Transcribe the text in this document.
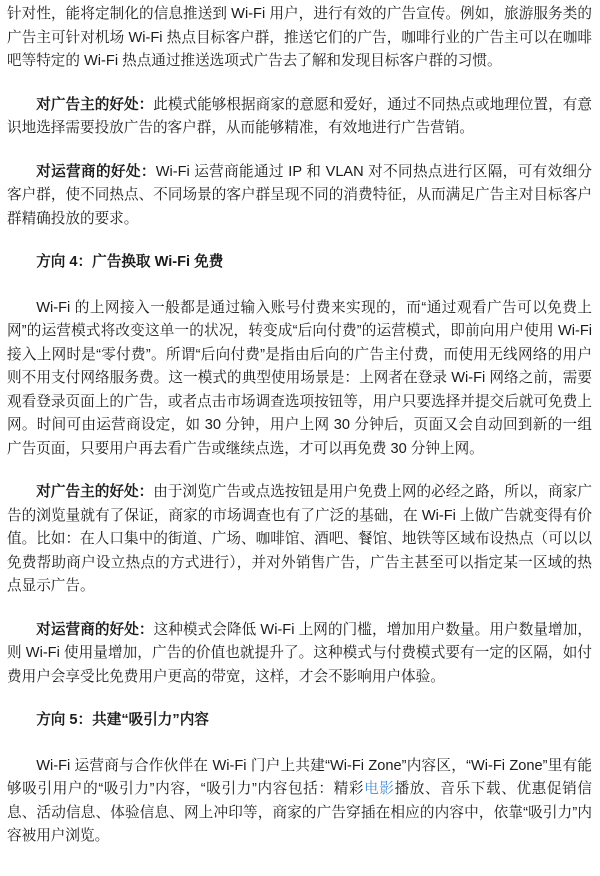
针对性，能将定制化的信息推送到 Wi-Fi 用户，进行有效的广告宣传。例如，旅游服务类的广告主可针对机场 Wi-Fi 热点目标客户群，推送它们的广告，咖啡行业的广告主可以在咖啡吧等特定的 Wi-Fi 热点通过推送选项式广告去了解和发现目标客户群的习惯。

对广告主的好处：此模式能够根据商家的意愿和爱好，通过不同热点或地理位置，有意识地选择需要投放广告的客户群，从而能够精准，有效地进行广告营销。

对运营商的好处：Wi-Fi 运营商能通过 IP 和 VLAN 对不同热点进行区隔，可有效细分客户群，使不同热点、不同场景的客户群呈现不同的消费特征，从而满足广告主对目标客户群精确投放的要求。

方向 4：广告换取 Wi-Fi 免费

Wi-Fi 的上网接入一般都是通过输入账号付费来实现的，而“通过观看广告可以免费上网”的运营模式将改变这单一的状况，转变成“后向付费”的运营模式，即前向用户使用 Wi-Fi 接入上网时是“零付费”。所谓“后向付费”是指由后向的广告主付费，而使用无线网络的用户则不用支付网络服务费。这一模式的典型使用场景是：上网者在登录 Wi-Fi 网络之前，需要观看登录页面上的广告，或者点击市场调查选项按钮等，用户只要选择并提交后就可免费上网。时间可由运营商设定，如 30 分钟，用户上网 30 分钟后，页面又会自动回到新的一组广告页面，只要用户再去看广告或继续点选，才可以再免费 30 分钟上网。

对广告主的好处：由于浏览广告或点选按钮是用户免费上网的必经之路，所以，商家广告的浏览量就有了保证，商家的市场调查也有了广泛的基础，在 Wi-Fi 上做广告就变得有价值。比如：在人口集中的街道、广场、咖啡馆、酒吧、餐馆、地铁等区域布设热点（可以以免费帮助商户设立热点的方式进行），并对外销售广告，广告主甚至可以指定某一区域的热点显示广告。

对运营商的好处：这种模式会降低 Wi-Fi 上网的门槛，增加用户数量。用户数量增加，则 Wi-Fi 使用量增加，广告的价值也就提升了。这种模式与付费模式要有一定的区隔，如付费用户会享受比免费用户更高的带宽，这样，才会不影响用户体验。

方向 5：共建“吸引力”内容

Wi-Fi 运营商与合作伙伴在 Wi-Fi 门户上共建“Wi-Fi Zone”内容区，“Wi-Fi Zone”里有能够吸引用户的“吸引力”内容，“吸引力”内容包括：精彩电影播放、音乐下载、优惠促销信息、活动信息、体验信息、网上冲印等，商家的广告穿插在相应的内容中，依靠“吸引力”内容被用户浏览。
